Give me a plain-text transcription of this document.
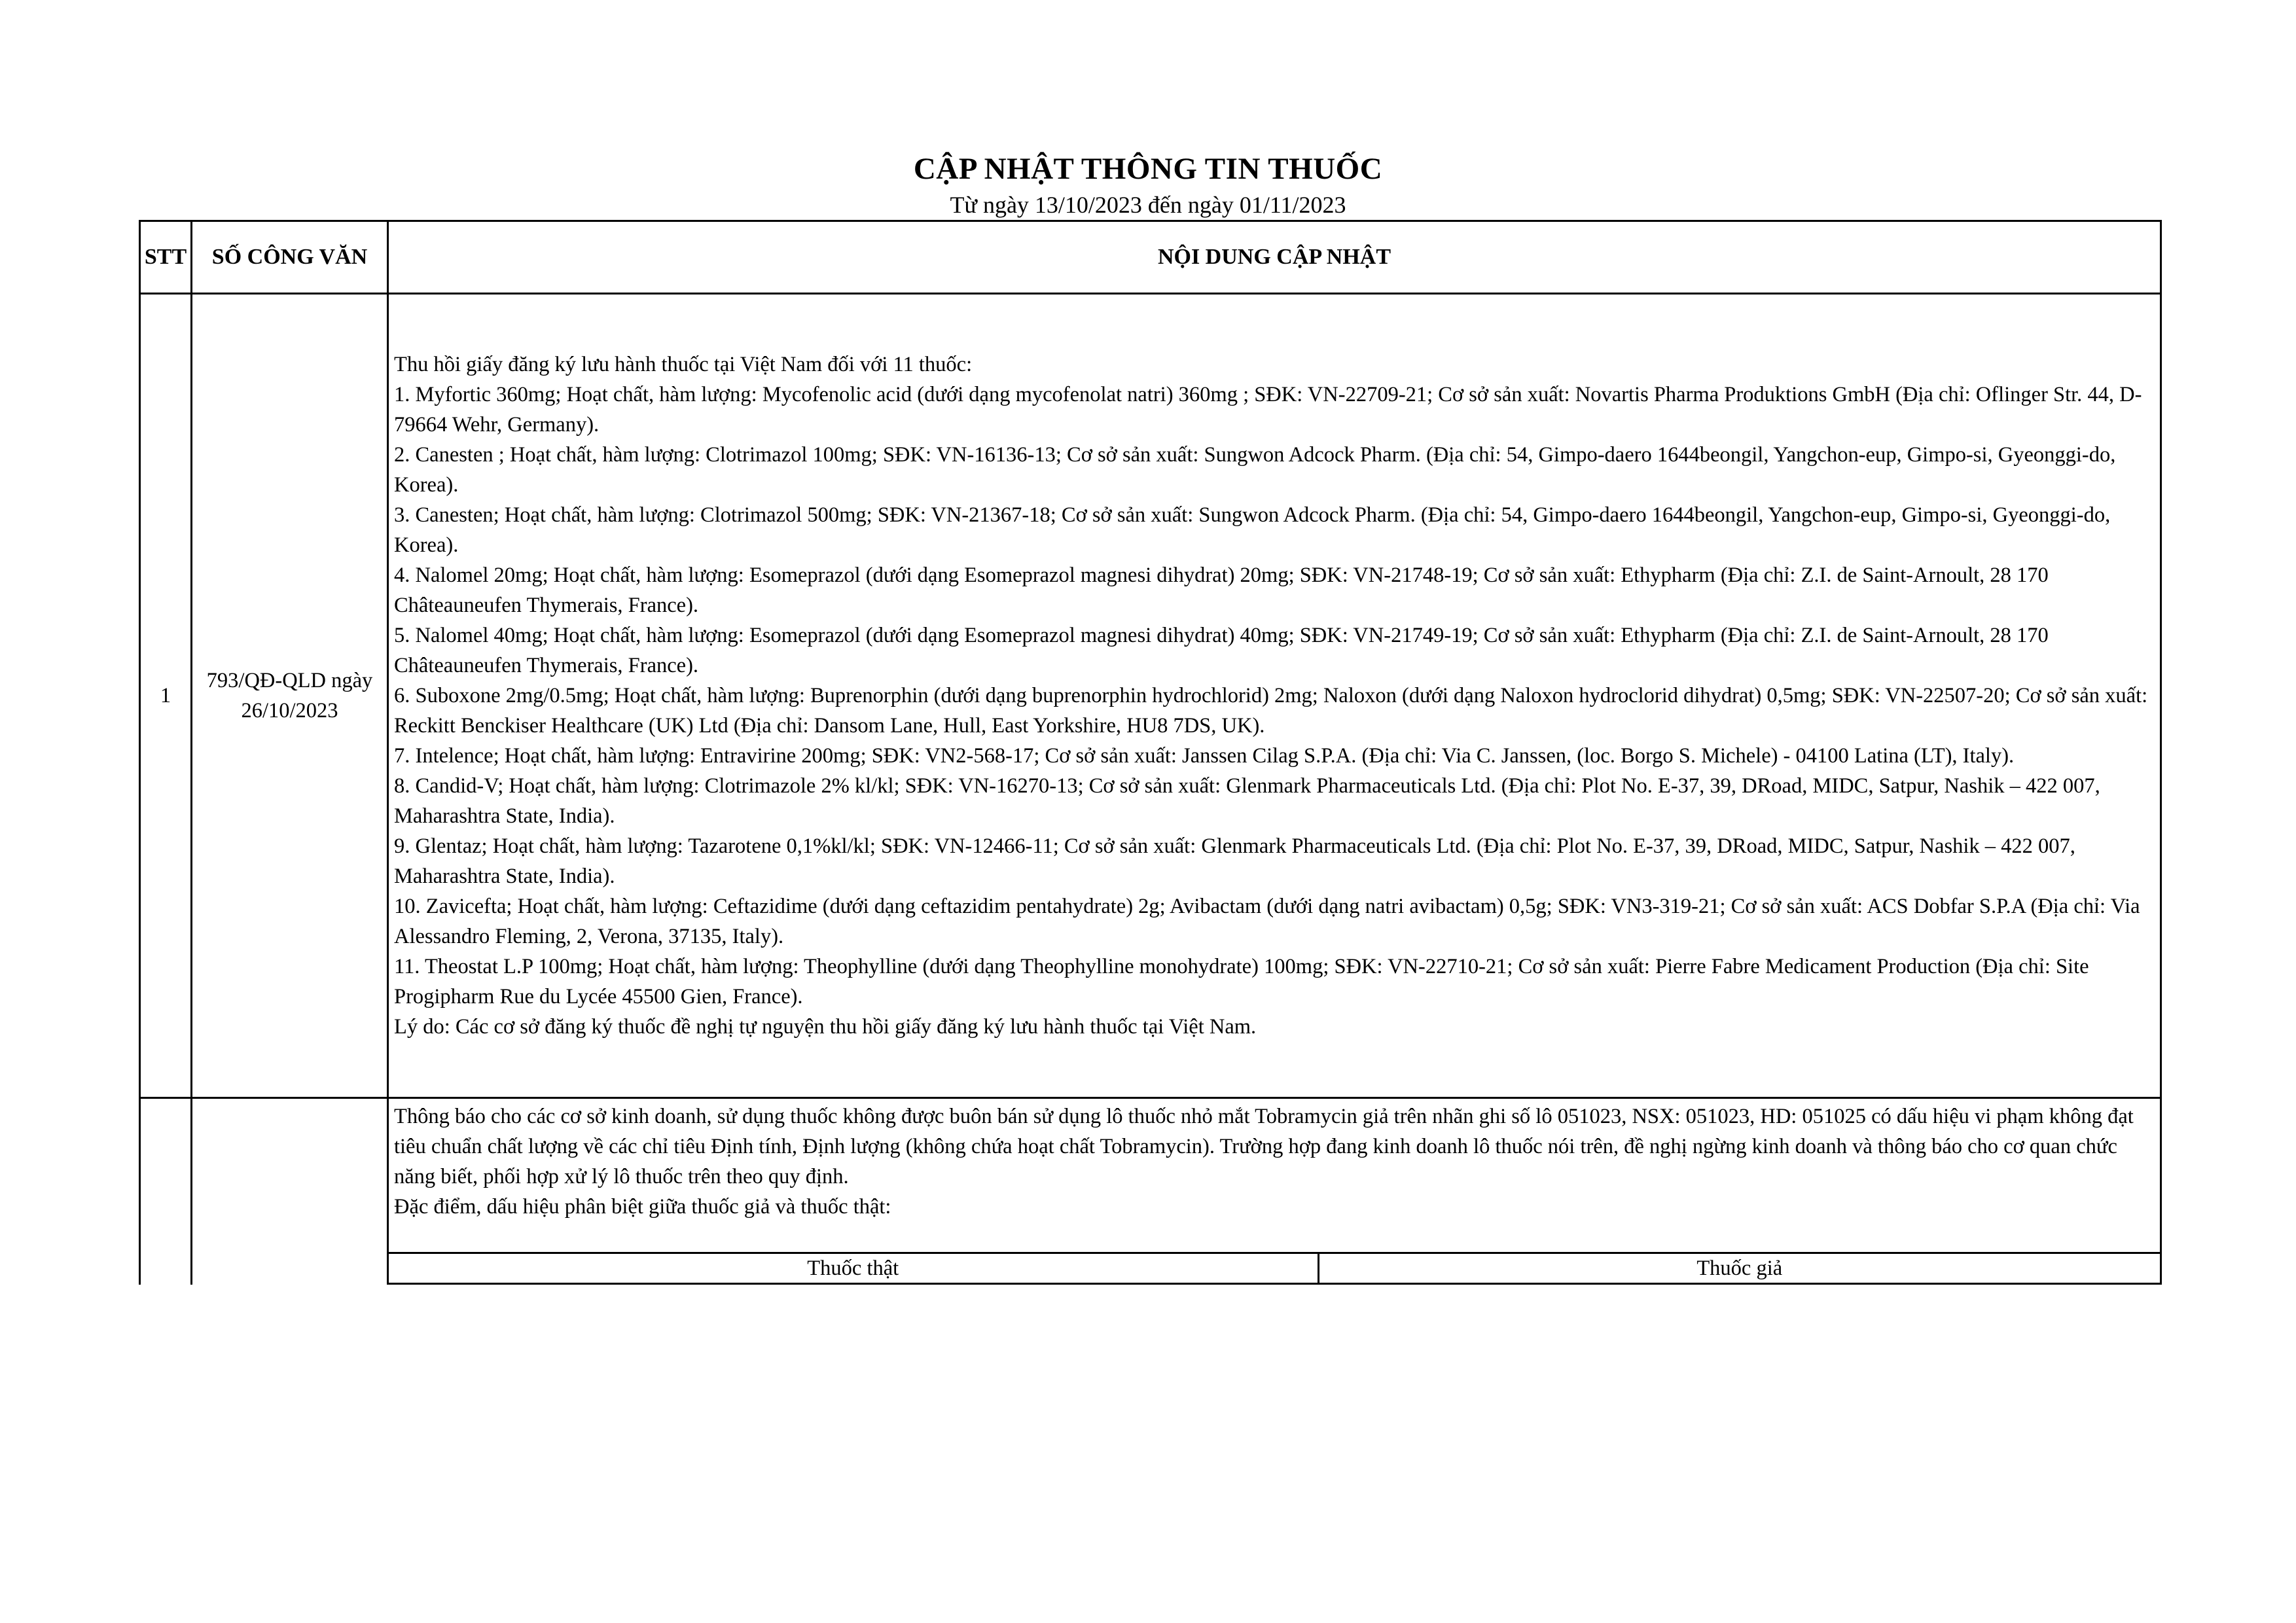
CẬP NHẬT THÔNG TIN THUỐC
Từ ngày 13/10/2023 đến ngày 01/11/2023
STT	SỐ CÔNG VĂN	NỘI DUNG CẬP NHẬT
1	793/QĐ-QLD ngày 26/10/2023	
Thu hồi giấy đăng ký lưu hành thuốc tại Việt Nam đối với 11 thuốc:
1. Myfortic 360mg; Hoạt chất, hàm lượng: Mycofenolic acid (dưới dạng mycofenolat natri) 360mg ; SĐK: VN-22709-21; Cơ sở sản xuất: Novartis Pharma Produktions GmbH (Địa chỉ: Oflinger Str. 44, D-79664 Wehr, Germany).
2. Canesten ; Hoạt chất, hàm lượng: Clotrimazol 100mg; SĐK: VN-16136-13; Cơ sở sản xuất: Sungwon Adcock Pharm. (Địa chỉ: 54, Gimpo-daero 1644beongil, Yangchon-eup, Gimpo-si, Gyeonggi-do, Korea).
3. Canesten; Hoạt chất, hàm lượng: Clotrimazol 500mg; SĐK: VN-21367-18; Cơ sở sản xuất: Sungwon Adcock Pharm. (Địa chỉ: 54, Gimpo-daero 1644beongil, Yangchon-eup, Gimpo-si, Gyeonggi-do, Korea).
4. Nalomel 20mg; Hoạt chất, hàm lượng: Esomeprazol (dưới dạng Esomeprazol magnesi dihydrat) 20mg; SĐK: VN-21748-19; Cơ sở sản xuất: Ethypharm (Địa chỉ: Z.I. de Saint-Arnoult, 28 170 Châteauneufen Thymerais, France).
5. Nalomel 40mg; Hoạt chất, hàm lượng: Esomeprazol (dưới dạng Esomeprazol magnesi dihydrat) 40mg; SĐK: VN-21749-19; Cơ sở sản xuất: Ethypharm (Địa chỉ: Z.I. de Saint-Arnoult, 28 170 Châteauneufen Thymerais, France).
6. Suboxone 2mg/0.5mg; Hoạt chất, hàm lượng: Buprenorphin (dưới dạng buprenorphin hydrochlorid) 2mg; Naloxon (dưới dạng Naloxon hydroclorid dihydrat) 0,5mg; SĐK: VN-22507-20; Cơ sở sản xuất: Reckitt Benckiser Healthcare (UK) Ltd (Địa chỉ: Dansom Lane, Hull, East Yorkshire, HU8 7DS, UK).
7. Intelence; Hoạt chất, hàm lượng: Entravirine 200mg; SĐK: VN2-568-17; Cơ sở sản xuất: Janssen Cilag S.P.A. (Địa chỉ: Via C. Janssen, (loc. Borgo S. Michele) - 04100 Latina (LT), Italy).
8. Candid-V; Hoạt chất, hàm lượng: Clotrimazole 2% kl/kl; SĐK: VN-16270-13; Cơ sở sản xuất: Glenmark Pharmaceuticals Ltd. (Địa chỉ: Plot No. E-37, 39, DRoad, MIDC, Satpur, Nashik – 422 007, Maharashtra State, India).
9. Glentaz; Hoạt chất, hàm lượng: Tazarotene 0,1%kl/kl; SĐK: VN-12466-11; Cơ sở sản xuất: Glenmark Pharmaceuticals Ltd. (Địa chỉ: Plot No. E-37, 39, DRoad, MIDC, Satpur, Nashik – 422 007, Maharashtra State, India).
10. Zavicefta; Hoạt chất, hàm lượng: Ceftazidime (dưới dạng ceftazidim pentahydrate) 2g; Avibactam (dưới dạng natri avibactam) 0,5g; SĐK: VN3-319-21; Cơ sở sản xuất: ACS Dobfar S.P.A (Địa chỉ: Via Alessandro Fleming, 2, Verona, 37135, Italy).
11. Theostat L.P 100mg; Hoạt chất, hàm lượng: Theophylline (dưới dạng Theophylline monohydrate) 100mg; SĐK: VN-22710-21; Cơ sở sản xuất: Pierre Fabre Medicament Production (Địa chỉ: Site Progipharm Rue du Lycée 45500 Gien, France).
Lý do: Các cơ sở đăng ký thuốc đề nghị tự nguyện thu hồi giấy đăng ký lưu hành thuốc tại Việt Nam.

Thông báo cho các cơ sở kinh doanh, sử dụng thuốc không được buôn bán sử dụng lô thuốc nhỏ mắt Tobramycin giả trên nhãn ghi số lô 051023, NSX: 051023, HD: 051025 có dấu hiệu vi phạm không đạt tiêu chuẩn chất lượng về các chỉ tiêu Định tính, Định lượng (không chứa hoạt chất Tobramycin). Trường hợp đang kinh doanh lô thuốc nói trên, đề nghị ngừng kinh doanh và thông báo cho cơ quan chức năng biết, phối hợp xử lý lô thuốc trên theo quy định.
Đặc điểm, dấu hiệu phân biệt giữa thuốc giả và thuốc thật:
Thuốc thật	Thuốc giả
